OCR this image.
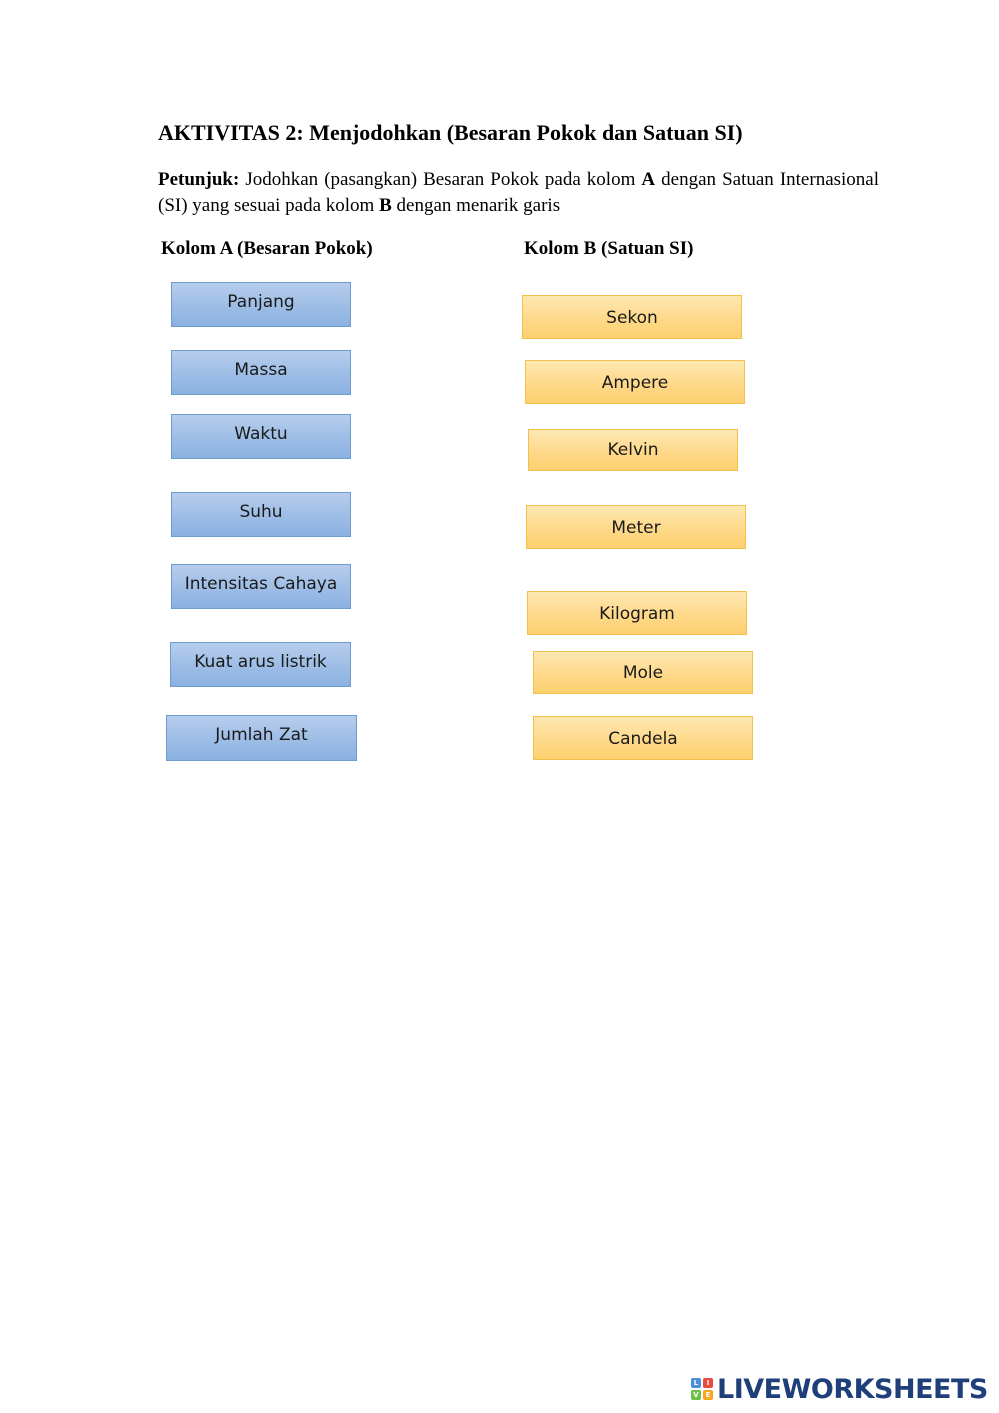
AKTIVITAS 2: Menjodohkan (Besaran Pokok dan Satuan SI)
Petunjuk: Jodohkan (pasangkan) Besaran Pokok pada kolom A dengan Satuan Internasional (SI) yang sesuai pada kolom B dengan menarik garis
Kolom A (Besaran Pokok)	Kolom B (Satuan SI)
Panjang
Massa
Waktu
Suhu
Intensitas Cahaya
Kuat arus listrik
Jumlah Zat
Sekon
Ampere
Kelvin
Meter
Kilogram
Mole
Candela
L	I
V E LIVEWORKSHEETS
